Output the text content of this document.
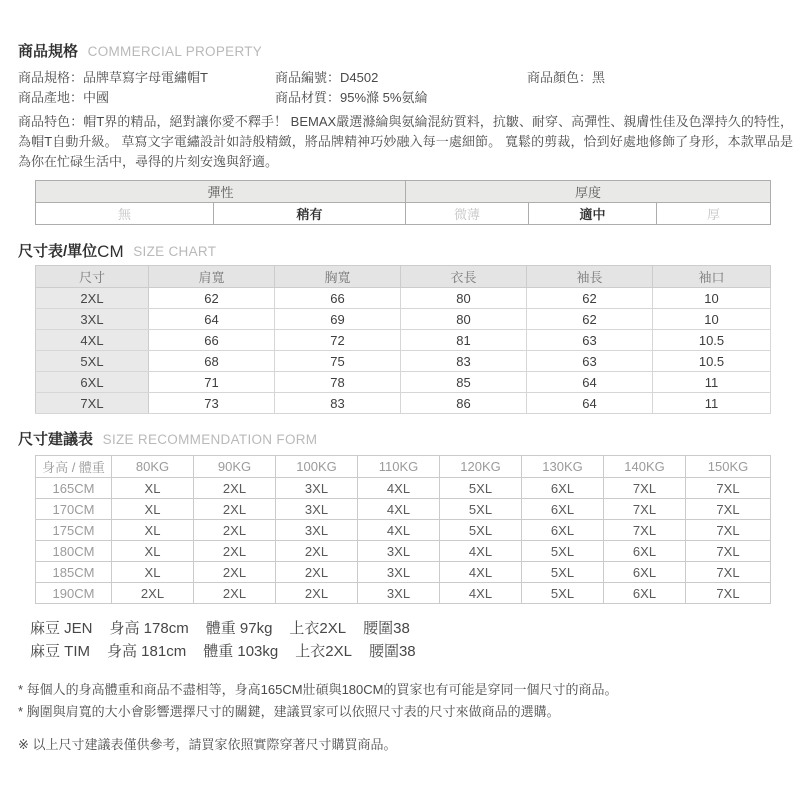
商品規格 COMMERCIAL PROPERTY
商品規格：品牌草寫字母電繡帽T	商品編號：D4502	商品顏色：黑
商品產地：中國	商品材質：95%滌 5%氨綸
商品特色：帽T界的精品，絕對讓你愛不釋手！ BEMAX嚴選滌綸與氨綸混紡質料，抗皺、耐穿、高彈性、親膚性佳及色澤持久的特性，為帽T自動升級。 草寫文字電繡設計如詩般精緻，將品牌精神巧妙融入每一處細節。 寬鬆的剪裁，恰到好處地修飾了身形，本款單品是為你在忙碌生活中，尋得的片刻安逸與舒適。
彈性		厚度		
無	稍有	微薄	適中	厚
尺寸表/單位CM SIZE CHART
尺寸	肩寬	胸寬	衣長	袖長	袖口
2XL	62	66	80	62	10
3XL	64	69	80	62	10
4XL	66	72	81	63	10.5
5XL	68	75	83	63	10.5
6XL	71	78	85	64	11
7XL	73	83	86	64	11
尺寸建議表 SIZE RECOMMENDATION FORM
身高 / 體重	80KG	90KG	100KG	110KG	120KG	130KG	140KG	150KG
165CM	XL	2XL	3XL	4XL	5XL	6XL	7XL	7XL
170CM	XL	2XL	3XL	4XL	5XL	6XL	7XL	7XL
175CM	XL	2XL	3XL	4XL	5XL	6XL	7XL	7XL
180CM	XL	2XL	2XL	3XL	4XL	5XL	6XL	7XL
185CM	XL	2XL	2XL	3XL	4XL	5XL	6XL	7XL
190CM	2XL	2XL	2XL	3XL	4XL	5XL	6XL	7XL
麻豆 JEN 身高 178cm 體重 97kg 上衣2XL 腰圍38
麻豆 TIM 身高 181cm 體重 103kg 上衣2XL 腰圍38
* 每個人的身高體重和商品不盡相等，身高165CM壯碩與180CM的買家也有可能是穿同一個尺寸的商品。
* 胸圍與肩寬的大小會影響選擇尺寸的關鍵，建議買家可以依照尺寸表的尺寸來做商品的選購。
※ 以上尺寸建議表僅供參考，請買家依照實際穿著尺寸購買商品。
